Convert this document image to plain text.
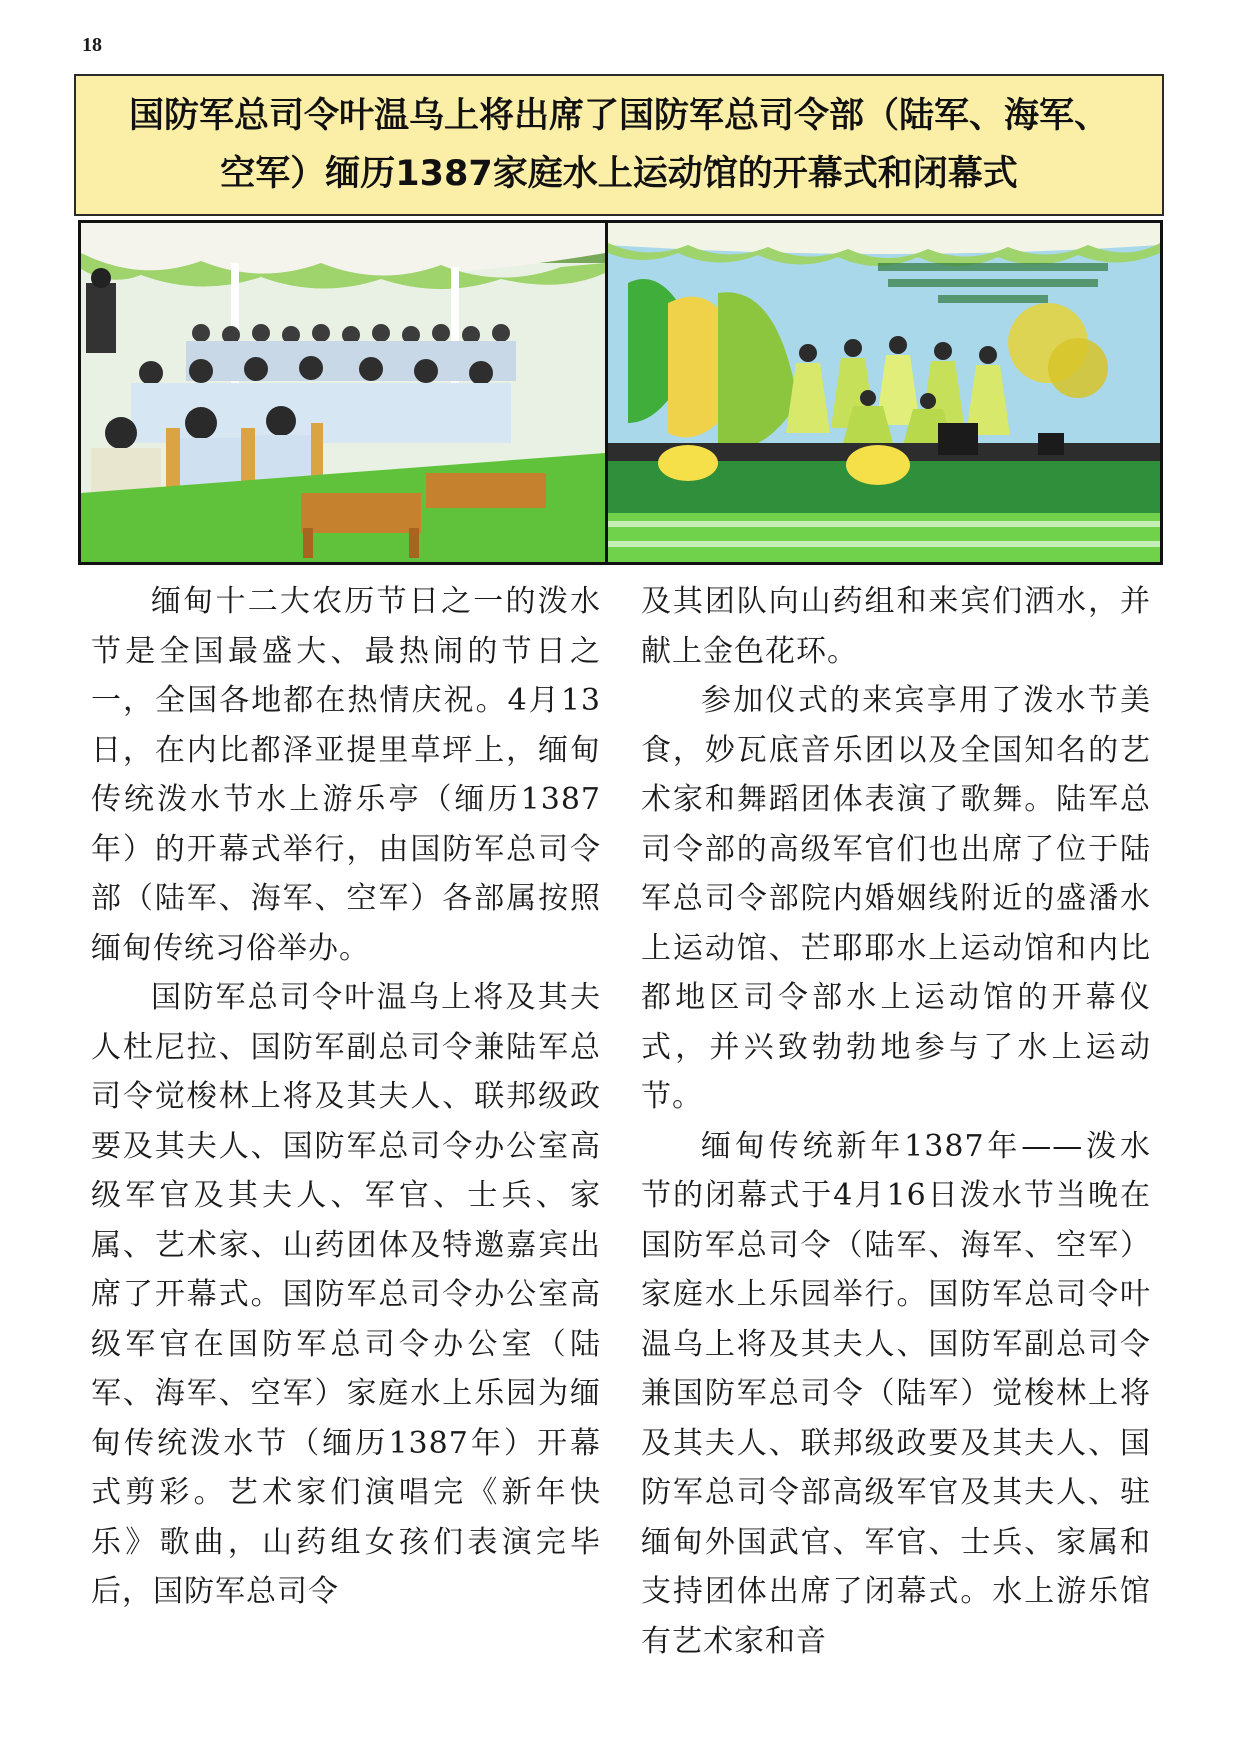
18
国防军总司令叶温乌上将出席了国防军总司令部（陆军、海军、
空军）缅历1387家庭水上运动馆的开幕式和闭幕式

缅甸十二大农历节日之一的泼水节是全国最盛大、最热闹的节日之一，全国各地都在热情庆祝。4月13日，在内比都泽亚提里草坪上，缅甸传统泼水节水上游乐亭（缅历1387年）的开幕式举行，由国防军总司令部（陆军、海军、空军）各部属按照缅甸传统习俗举办。

国防军总司令叶温乌上将及其夫人杜尼拉、国防军副总司令兼陆军总司令觉梭林上将及其夫人、联邦级政要及其夫人、国防军总司令办公室高级军官及其夫人、军官、士兵、家属、艺术家、山药团体及特邀嘉宾出席了开幕式。国防军总司令办公室高级军官在国防军总司令办公室（陆军、海军、空军）家庭水上乐园为缅甸传统泼水节（缅历1387年）开幕式剪彩。艺术家们演唱完《新年快乐》歌曲，山药组女孩们表演完毕后，国防军总司令

及其团队向山药组和来宾们洒水，并献上金色花环。

参加仪式的来宾享用了泼水节美食，妙瓦底音乐团以及全国知名的艺术家和舞蹈团体表演了歌舞。陆军总司令部的高级军官们也出席了位于陆军总司令部院内婚姻线附近的盛潘水上运动馆、芒耶耶水上运动馆和内比都地区司令部水上运动馆的开幕仪式，并兴致勃勃地参与了水上运动节。

缅甸传统新年1387年——泼水节的闭幕式于4月16日泼水节当晚在国防军总司令（陆军、海军、空军）家庭水上乐园举行。国防军总司令叶温乌上将及其夫人、国防军副总司令兼国防军总司令（陆军）觉梭林上将及其夫人、联邦级政要及其夫人、国防军总司令部高级军官及其夫人、驻缅甸外国武官、军官、士兵、家属和支持团体出席了闭幕式。水上游乐馆有艺术家和音
